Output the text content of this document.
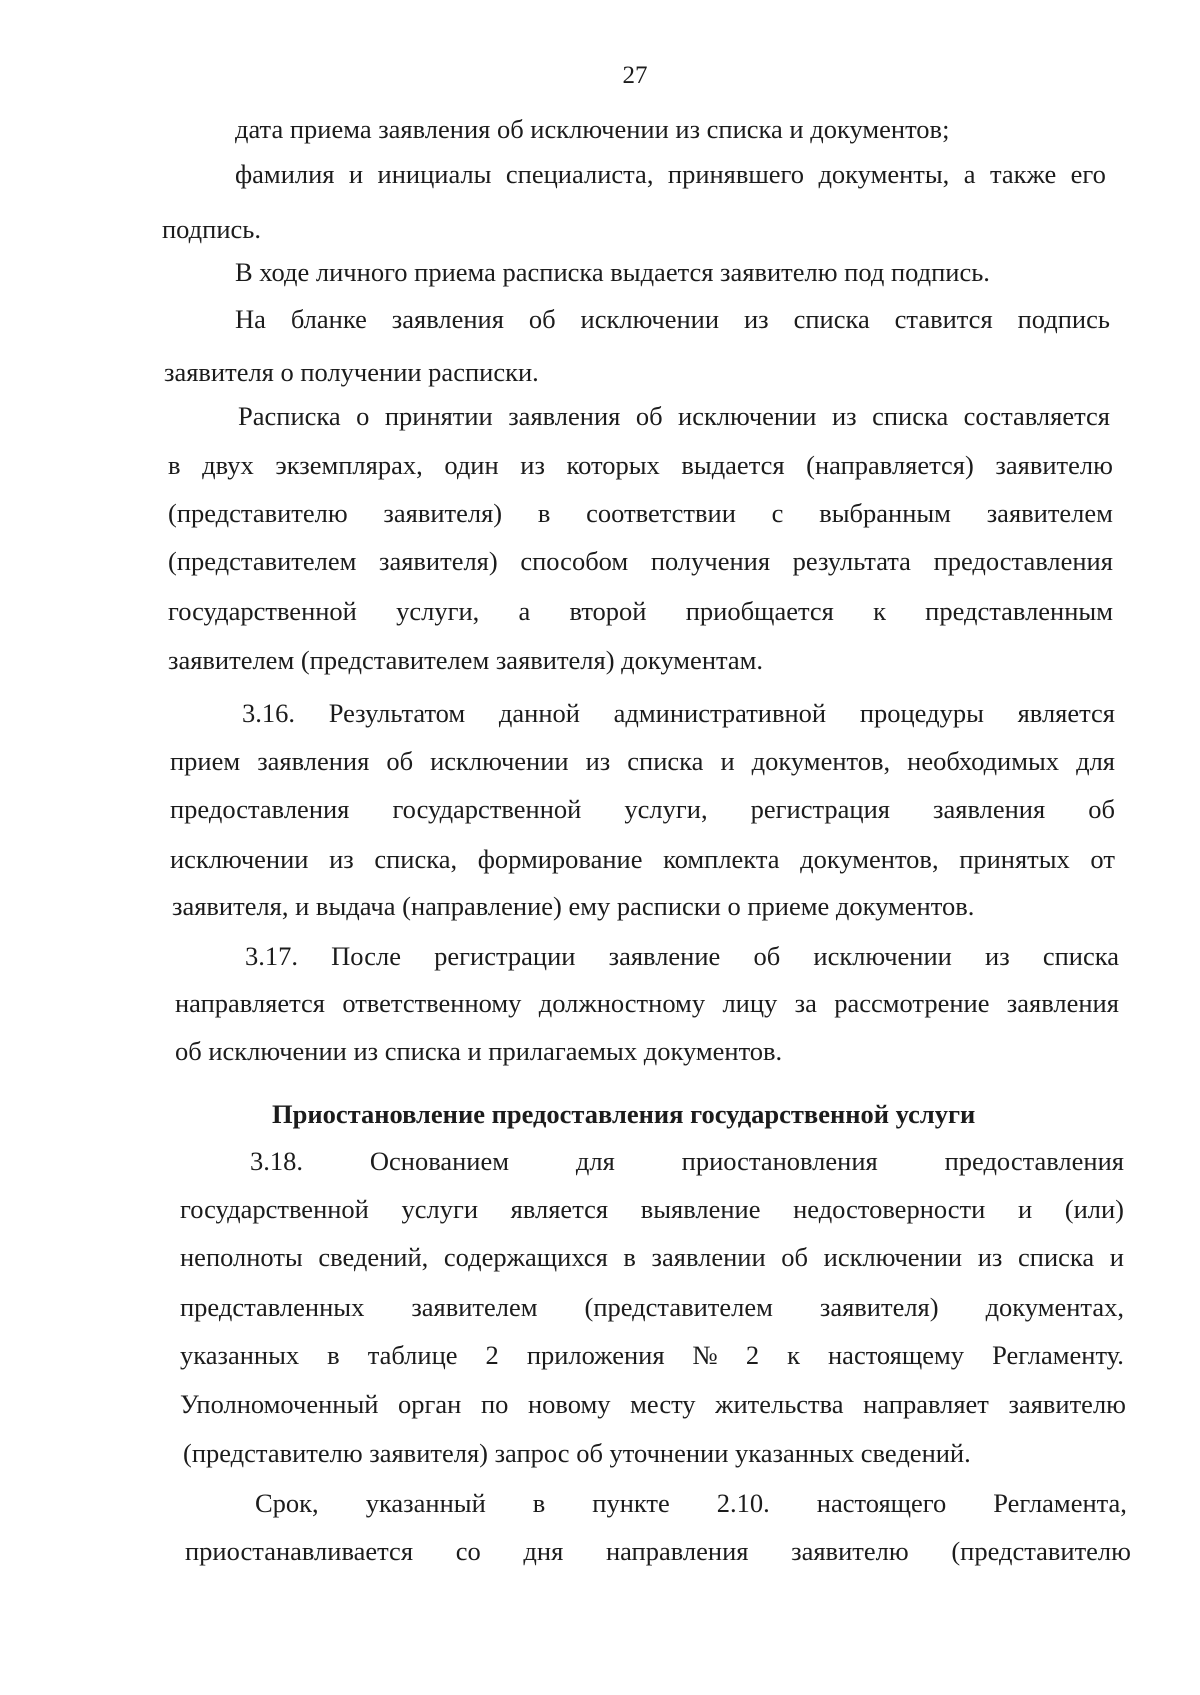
27
дата приема заявления об исключении из списка и документов;
фамилия и инициалы специалиста, принявшего документы, а также его
подпись.
В ходе личного приема расписка выдается заявителю под подпись.
На бланке заявления об исключении из списка ставится подпись
заявителя о получении расписки.
Расписка о принятии заявления об исключении из списка составляется
в двух экземплярах, один из которых выдается (направляется) заявителю
(представителю заявителя) в соответствии с выбранным заявителем
(представителем заявителя) способом получения результата предоставления
государственной услуги, а второй приобщается к представленным
заявителем (представителем заявителя) документам.
3.16. Результатом данной административной процедуры является
прием заявления об исключении из списка и документов, необходимых для
предоставления государственной услуги, регистрация заявления об
исключении из списка, формирование комплекта документов, принятых от
заявителя, и выдача (направление) ему расписки о приеме документов.
3.17. После регистрации заявление об исключении из списка
направляется ответственному должностному лицу за рассмотрение заявления
об исключении из списка и прилагаемых документов.
Приостановление предоставления государственной услуги
3.18.	Основанием	для	приостановления	предоставления
государственной услуги является выявление недостоверности и (или)
неполноты сведений, содержащихся в заявлении об исключении из списка и
представленных заявителем (представителем заявителя) документах,
указанных в таблице 2 приложения № 2 к настоящему Регламенту.
Уполномоченный орган по новому месту жительства направляет заявителю
(представителю заявителя) запрос об уточнении указанных сведений.
Срок, указанный в пункте 2.10. настоящего Регламента,
приостанавливается со дня направления заявителю (представителю
